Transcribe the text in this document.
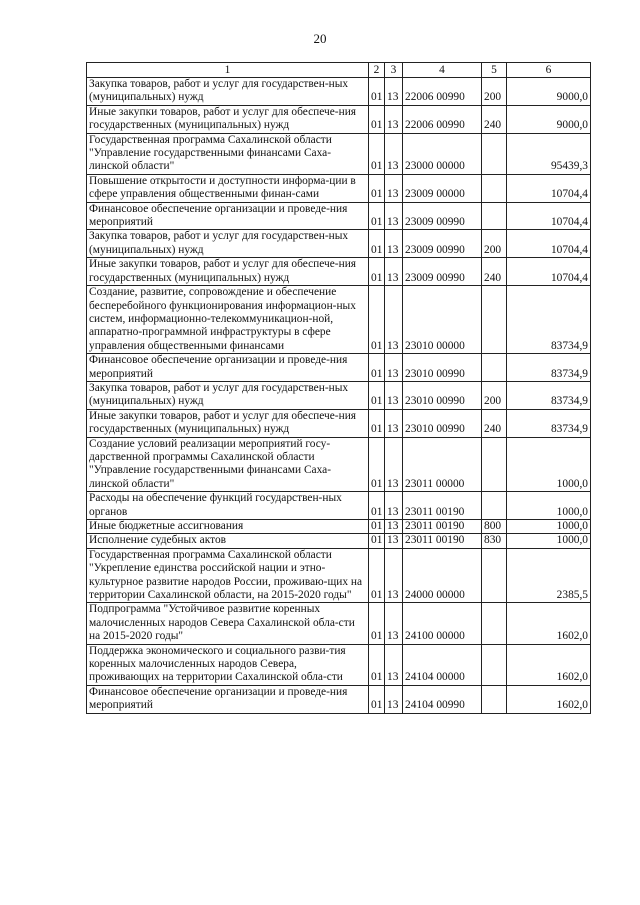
20
1	2	3	4	5	6
Закупка товаров, работ и услуг для государствен-ных (муниципальных) нужд	01	13	22006 00990	200	9000,0
Иные закупки товаров, работ и услуг для обеспече-ния государственных (муниципальных) нужд	01	13	22006 00990	240	9000,0
Государственная программа Сахалинской области "Управление государственными финансами Саха-линской области"	01	13	23000 00000		95439,3
Повышение открытости и доступности информа-ции в сфере управления общественными финан-сами	01	13	23009 00000		10704,4
Финансовое обеспечение организации и проведе-ния мероприятий	01	13	23009 00990		10704,4
Закупка товаров, работ и услуг для государствен-ных (муниципальных) нужд	01	13	23009 00990	200	10704,4
Иные закупки товаров, работ и услуг для обеспече-ния государственных (муниципальных) нужд	01	13	23009 00990	240	10704,4
Создание, развитие, сопровождение и обеспечение бесперебойного функционирования информацион-ных систем, информационно-телекоммуникацион-ной, аппаратно-программной инфраструктуры в сфере управления общественными финансами	01	13	23010 00000		83734,9
Финансовое обеспечение организации и проведе-ния мероприятий	01	13	23010 00990		83734,9
Закупка товаров, работ и услуг для государствен-ных (муниципальных) нужд	01	13	23010 00990	200	83734,9
Иные закупки товаров, работ и услуг для обеспече-ния государственных (муниципальных) нужд	01	13	23010 00990	240	83734,9
Создание условий реализации мероприятий госу-дарственной программы Сахалинской области "Управление государственными финансами Саха-линской области"	01	13	23011 00000		1000,0
Расходы на обеспечение функций государствен-ных органов	01	13	23011 00190		1000,0
Иные бюджетные ассигнования	01	13	23011 00190	800	1000,0
Исполнение судебных актов	01	13	23011 00190	830	1000,0
Государственная программа Сахалинской области "Укрепление единства российской нации и этно-культурное развитие народов России, проживаю-щих на территории Сахалинской области, на 2015-2020 годы"	01	13	24000 00000		2385,5
Подпрограмма "Устойчивое развитие коренных малочисленных народов Севера Сахалинской обла-сти на 2015-2020 годы"	01	13	24100 00000		1602,0
Поддержка экономического и социального разви-тия коренных малочисленных народов Севера, проживающих на территории Сахалинской обла-сти	01	13	24104 00000		1602,0
Финансовое обеспечение организации и проведе-ния мероприятий	01	13	24104 00990		1602,0
